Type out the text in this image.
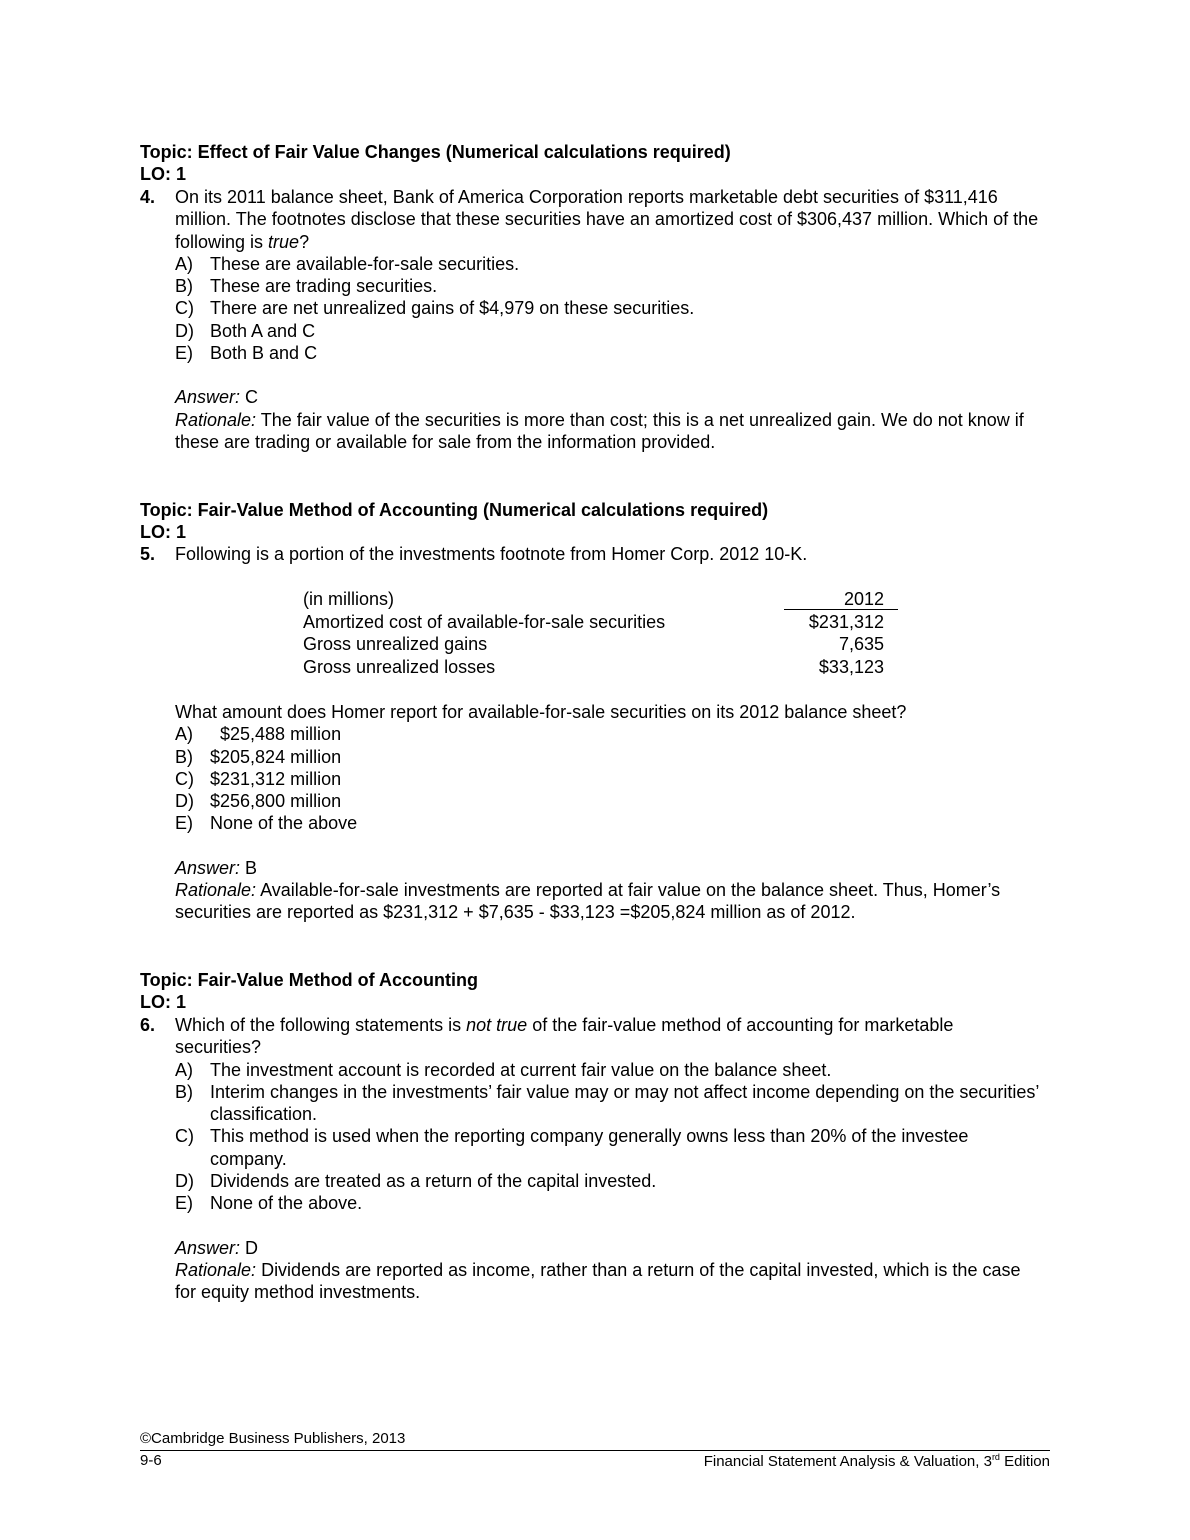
Topic: Effect of Fair Value Changes (Numerical calculations required)
LO: 1
4. On its 2011 balance sheet, Bank of America Corporation reports marketable debt securities of $311,416 million. The footnotes disclose that these securities have an amortized cost of $306,437 million. Which of the following is true?
A) These are available-for-sale securities.
B) These are trading securities.
C) There are net unrealized gains of $4,979 on these securities.
D) Both A and C
E) Both B and C
Answer: C
Rationale: The fair value of the securities is more than cost; this is a net unrealized gain. We do not know if these are trading or available for sale from the information provided.
Topic: Fair-Value Method of Accounting (Numerical calculations required)
LO: 1
5. Following is a portion of the investments footnote from Homer Corp. 2012 10-K.
(in millions)	2012
Amortized cost of available-for-sale securities	$231,312
Gross unrealized gains	7,635
Gross unrealized losses	$33,123
What amount does Homer report for available-for-sale securities on its 2012 balance sheet?
A) $25,488 million
B) $205,824 million
C) $231,312 million
D) $256,800 million
E) None of the above
Answer: B
Rationale: Available-for-sale investments are reported at fair value on the balance sheet. Thus, Homer’s securities are reported as $231,312 + $7,635 - $33,123 =$205,824 million as of 2012.
Topic: Fair-Value Method of Accounting
LO: 1
6. Which of the following statements is not true of the fair-value method of accounting for marketable securities?
A) The investment account is recorded at current fair value on the balance sheet.
B) Interim changes in the investments’ fair value may or may not affect income depending on the securities’ classification.
C) This method is used when the reporting company generally owns less than 20% of the investee company.
D) Dividends are treated as a return of the capital invested.
E) None of the above.
Answer: D
Rationale: Dividends are reported as income, rather than a return of the capital invested, which is the case for equity method investments.
©Cambridge Business Publishers, 2013
9-6	Financial Statement Analysis & Valuation, 3rd Edition
